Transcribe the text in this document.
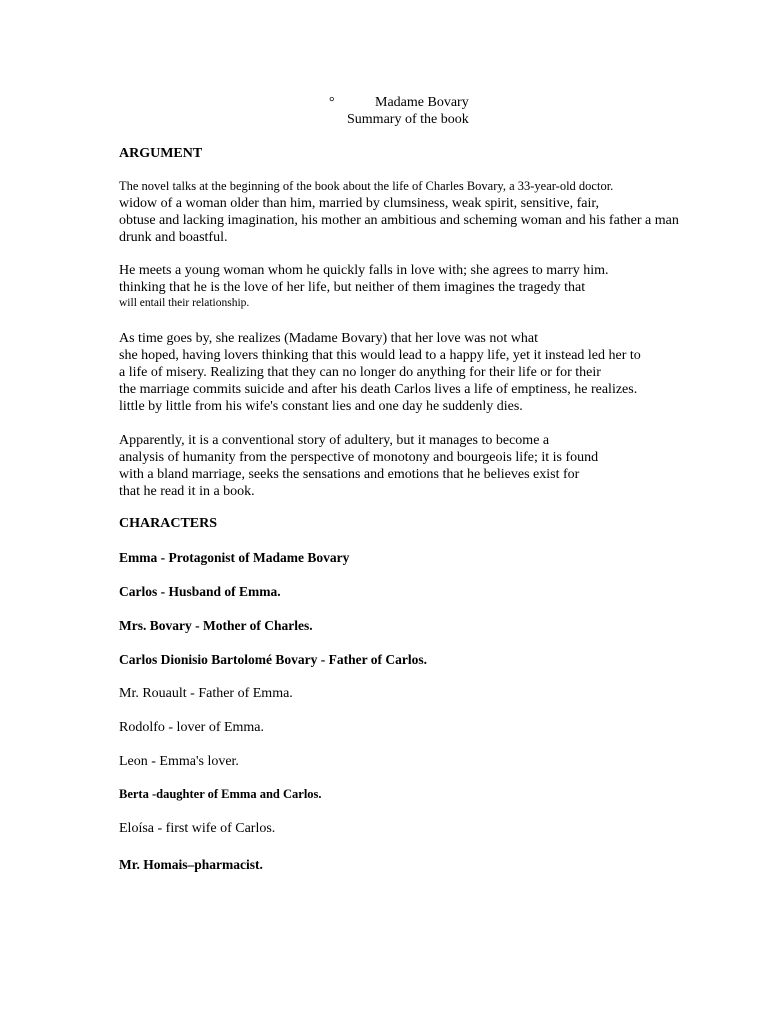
°	Madame Bovary
Summary of the book
ARGUMENT
The novel talks at the beginning of the book about the life of Charles Bovary, a 33-year-old doctor.
widow of a woman older than him, married by clumsiness, weak spirit, sensitive, fair,
obtuse and lacking imagination, his mother an ambitious and scheming woman and his father a man
drunk and boastful.
He meets a young woman whom he quickly falls in love with; she agrees to marry him.
thinking that he is the love of her life, but neither of them imagines the tragedy that
will entail their relationship.
As time goes by, she realizes (Madame Bovary) that her love was not what
she hoped, having lovers thinking that this would lead to a happy life, yet it instead led her to
a life of misery. Realizing that they can no longer do anything for their life or for their
the marriage commits suicide and after his death Carlos lives a life of emptiness, he realizes.
little by little from his wife's constant lies and one day he suddenly dies.
Apparently, it is a conventional story of adultery, but it manages to become a
analysis of humanity from the perspective of monotony and bourgeois life; it is found
with a bland marriage, seeks the sensations and emotions that he believes exist for
that he read it in a book.
CHARACTERS
Emma - Protagonist of Madame Bovary
Carlos - Husband of Emma.
Mrs. Bovary - Mother of Charles.
Carlos Dionisio Bartolomé Bovary - Father of Carlos.
Mr. Rouault - Father of Emma.
Rodolfo - lover of Emma.
Leon - Emma's lover.
Berta -daughter of Emma and Carlos.
Eloísa - first wife of Carlos.
Mr. Homais–pharmacist.
